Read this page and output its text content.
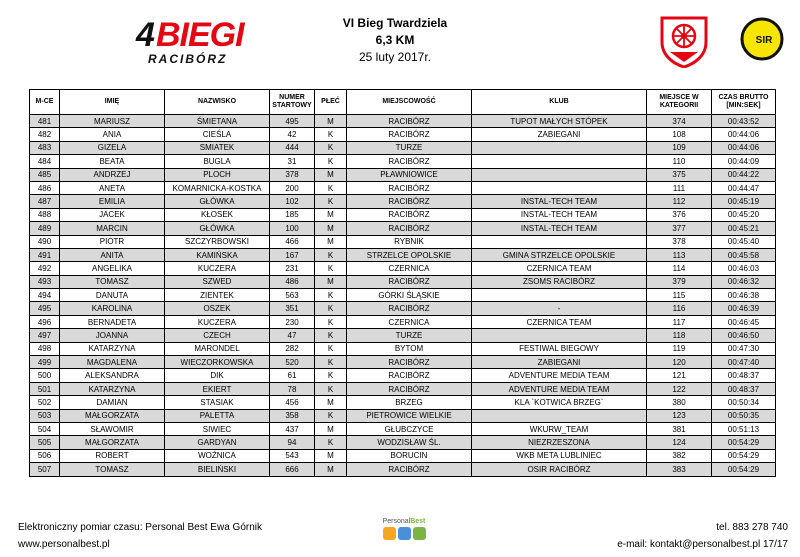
4 BIEGI
RACIBÓRZ
VI Bieg Twardziela
6,3 KM
25 luty 2017r.
SIR
M-CE	IMIĘ	NAZWISKO	NUMER STARTOWY	PŁEĆ	MIEJSCOWOŚĆ	KLUB	MIEJSCE W KATEGORII	CZAS BRUTTO [MIN:SEK]
481	MARIUSZ	ŚMIETANA	495	M	RACIBÓRZ	TUPOT MAŁYCH STÓPEK	374	00:43:52
482	ANIA	CIEŚLA	42	K	RACIBÓRZ	ZABIEGANI	108	00:44:06
483	GIZELA	SMIATEK	444	K	TURZE		109	00:44:06
484	BEATA	BUGLA	31	K	RACIBÓRZ		110	00:44:09
485	ANDRZEJ	PLOCH	378	M	PŁAWNIOWICE		375	00:44:22
486	ANETA	KOMARNICKA-KOSTKA	200	K	RACIBÓRZ		111	00:44:47
487	EMILIA	GŁÓWKA	102	K	RACIBÓRZ	INSTAL-TECH TEAM	112	00:45:19
488	JACEK	KŁOSEK	185	M	RACIBÓRZ	INSTAL-TECH TEAM	376	00:45:20
489	MARCIN	GŁÓWKA	100	M	RACIBÓRZ	INSTAL-TECH TEAM	377	00:45:21
490	PIOTR	SZCZYRBOWSKI	466	M	RYBNIK		378	00:45:40
491	ANITA	KAMIŃSKA	167	K	STRZELCE OPOLSKIE	GMINA STRZELCE OPOLSKIE	113	00:45:58
492	ANGELIKA	KUCZERA	231	K	CZERNICA	CZERNICA TEAM	114	00:46:03
493	TOMASZ	SZWED	486	M	RACIBÓRZ	ZSOMS RACIBÓRZ	379	00:46:32
494	DANUTA	ZIENTEK	563	K	GÓRKI ŚLĄSKIE		115	00:46:38
495	KAROLINA	OSZEK	351	K	RACIBÓRZ	-	116	00:46:39
496	BERNADETA	KUCZERA	230	K	CZERNICA	CZERNICA TEAM	117	00:46:45
497	JOANNA	CZECH	47	K	TURZE		118	00:46:50
498	KATARZYNA	MARONDEL	282	K	BYTOM	FESTIWAL BIEGOWY	119	00:47:30
499	MAGDALENA	WIECZORKOWSKA	520	K	RACIBÓRZ	ZABIEGANI	120	00:47:40
500	ALEKSANDRA	DIK	61	K	RACIBÓRZ	ADVENTURE MEDIA TEAM	121	00:48:37
501	KATARZYNA	EKIERT	78	K	RACIBÓRZ	ADVENTURE MEDIA TEAM	122	00:48:37
502	DAMIAN	STASIAK	456	M	BRZEG	KLA `KOTWICA BRZEG`	380	00:50:34
503	MAŁGORZATA	PALETTA	358	K	PIETROWICE WIELKIE		123	00:50:35
504	SŁAWOMIR	SIWIEC	437	M	GŁUBCZYCE	WKURW_TEAM	381	00:51:13
505	MAŁGORZATA	GARDYAN	94	K	WODZISŁAW ŚL.	NIEZRZESZONA	124	00:54:29
506	ROBERT	WOŹNICA	543	M	BORUCIN	WKB META LUBLINIEC	382	00:54:29
507	TOMASZ	BIELIŃSKI	666	M	RACIBÓRZ	OSIR RACIBÓRZ	383	00:54:29
Elektroniczny pomiar czasu: Personal Best Ewa Górnik
www.personalbest.pl
PersonalBest
tel. 883 278 740
e-mail: kontakt@personalbest.pl 17/17
